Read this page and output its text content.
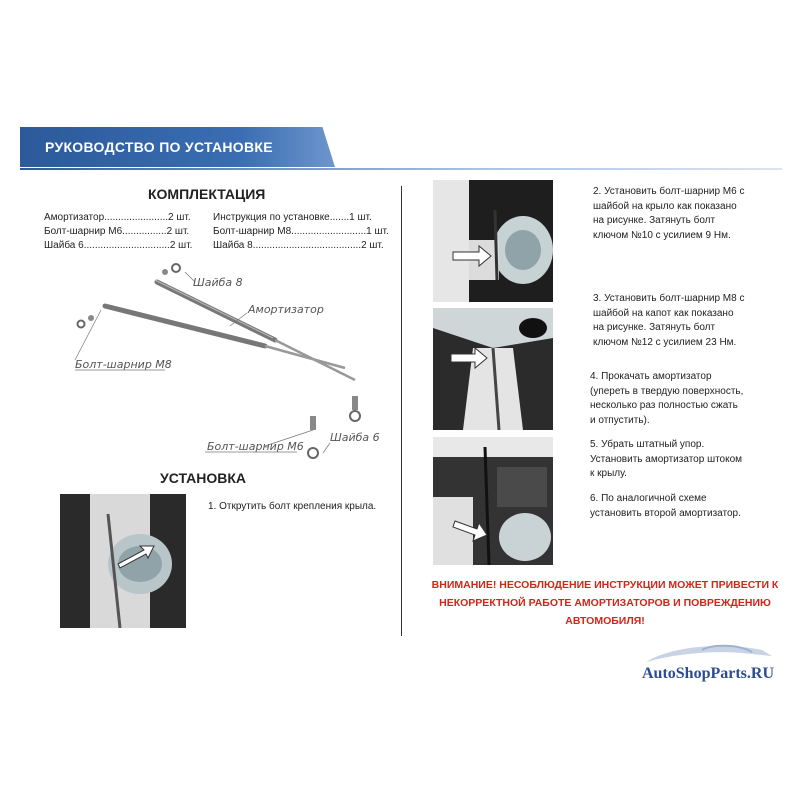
РУКОВОДСТВО ПО УСТАНОВКЕ
КОМПЛЕКТАЦИЯ
Амортизатор.......................2 шт.
Болт-шарнир М6................2 шт.
Шайба 6...............................2 шт.
Инструкция по установке.......1 шт.
Болт-шарнир М8...........................1 шт.
Шайба 8.......................................2 шт.
Шайба 8
Амортизатор
Болт-шарнир М8
Болт-шарнир М6
Шайба 6
УСТАНОВКА
1. Открутить болт крепления крыла.
2. Установить болт-шарнир М6 с
шайбой на крыло как показано
на рисунке. Затянуть болт
ключом №10 с усилием 9 Нм.
3. Установить болт-шарнир М8 с
шайбой на капот как показано
на рисунке. Затянуть болт
ключом №12 с усилием 23 Нм.
4. Прокачать амортизатор
(упереть в твердую поверхность,
несколько раз полностью сжать
и отпустить).
5. Убрать штатный упор.
Установить амортизатор штоком
к крылу.
6. По аналогичной схеме
установить второй амортизатор.
ВНИМАНИЕ! НЕСОБЛЮДЕНИЕ ИНСТРУКЦИИ МОЖЕТ ПРИВЕСТИ К
НЕКОРРЕКТНОЙ РАБОТЕ АМОРТИЗАТОРОВ И ПОВРЕЖДЕНИЮ
АВТОМОБИЛЯ!
AutoShopParts.RU
